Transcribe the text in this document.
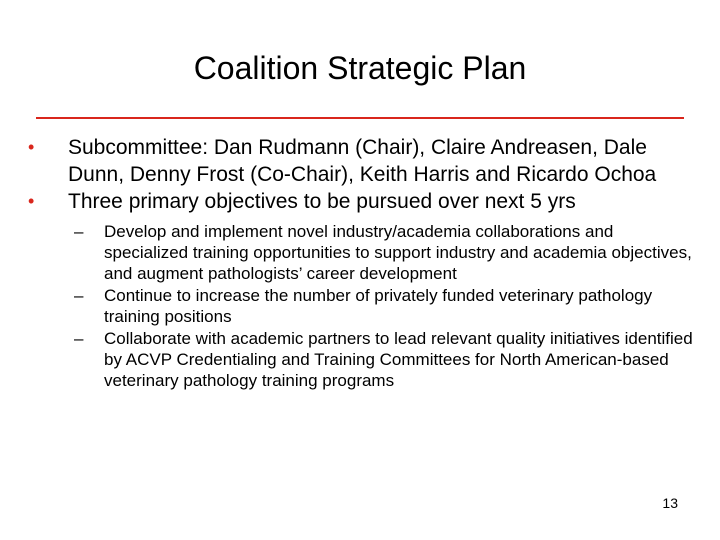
Coalition Strategic Plan
•	Subcommittee: Dan Rudmann (Chair), Claire Andreasen, Dale Dunn, Denny Frost (Co-Chair), Keith Harris and Ricardo Ochoa
•	Three primary objectives to be pursued over next 5 yrs
–	Develop and implement novel industry/academia collaborations and specialized training opportunities to support industry and academia objectives, and augment pathologists’ career development
–	Continue to increase the number of privately funded veterinary pathology training positions
–	Collaborate with academic partners to lead relevant quality initiatives identified by ACVP Credentialing and Training Committees for North American-based veterinary pathology training programs
13
